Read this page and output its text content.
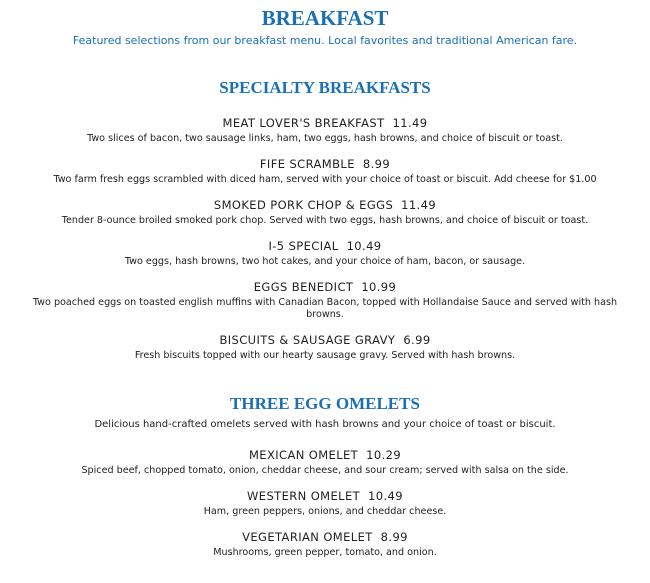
BREAKFAST
Featured selections from our breakfast menu. Local favorites and traditional American fare.
SPECIALTY BREAKFASTS
MEAT LOVER'S BREAKFAST 11.49
Two slices of bacon, two sausage links, ham, two eggs, hash browns, and choice of biscuit or toast.
FIFE SCRAMBLE 8.99
Two farm fresh eggs scrambled with diced ham, served with your choice of toast or biscuit. Add cheese for $1.00
SMOKED PORK CHOP & EGGS 11.49
Tender 8-ounce broiled smoked pork chop. Served with two eggs, hash browns, and choice of biscuit or toast.
I-5 SPECIAL 10.49
Two eggs, hash browns, two hot cakes, and your choice of ham, bacon, or sausage.
EGGS BENEDICT 10.99
Two poached eggs on toasted english muffins with Canadian Bacon, topped with Hollandaise Sauce and served with hash browns.
BISCUITS & SAUSAGE GRAVY 6.99
Fresh biscuits topped with our hearty sausage gravy. Served with hash browns.
THREE EGG OMELETS
Delicious hand-crafted omelets served with hash browns and your choice of toast or biscuit.
MEXICAN OMELET 10.29
Spiced beef, chopped tomato, onion, cheddar cheese, and sour cream; served with salsa on the side.
WESTERN OMELET 10.49
Ham, green peppers, onions, and cheddar cheese.
VEGETARIAN OMELET 8.99
Mushrooms, green pepper, tomato, and onion.
